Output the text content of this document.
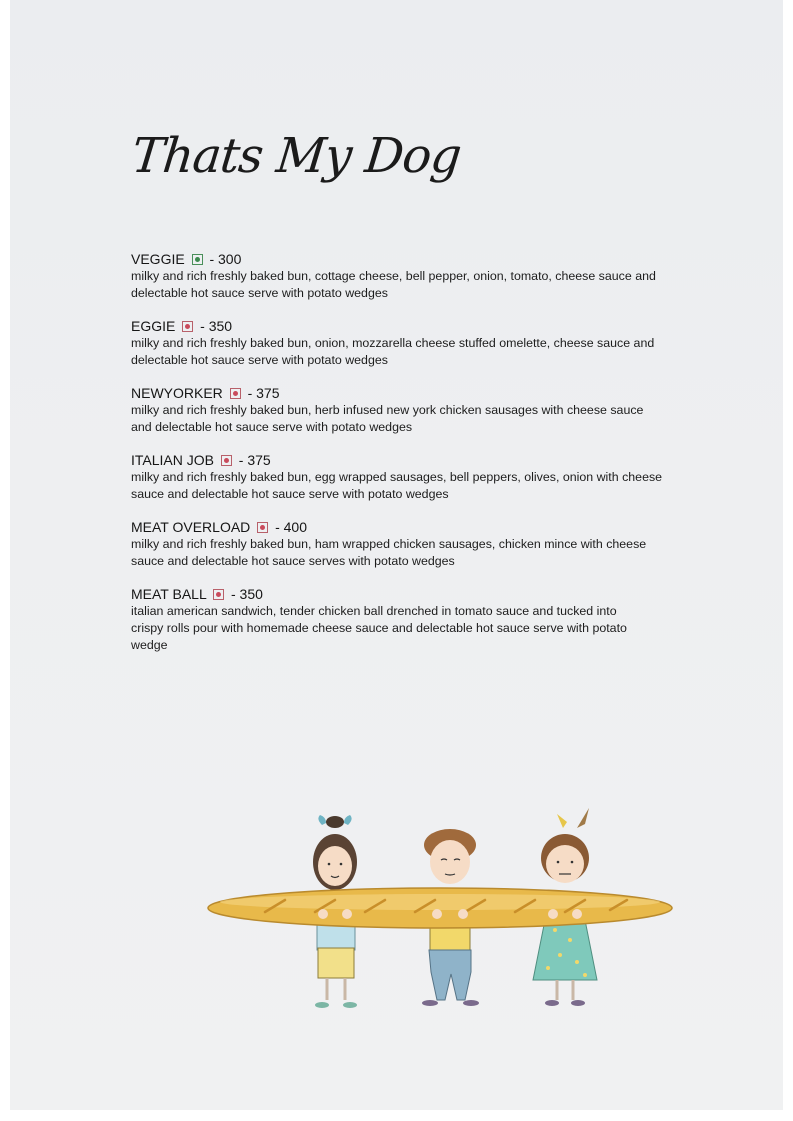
Thats My Dog
VEGGIE - 300
milky and rich freshly baked bun, cottage cheese, bell pepper, onion, tomato, cheese sauce and
delectable hot sauce serve with potato wedges
EGGIE - 350
milky and rich freshly baked bun, onion, mozzarella cheese stuffed omelette, cheese sauce and
delectable hot sauce serve with potato wedges
NEWYORKER - 375
milky and rich freshly baked bun, herb infused new york chicken sausages with cheese sauce
and delectable hot sauce serve with potato wedges
ITALIAN JOB - 375
milky and rich freshly baked bun, egg wrapped sausages, bell peppers, olives, onion with cheese
sauce and delectable hot sauce serve with potato wedges
MEAT OVERLOAD - 400
milky and rich freshly baked bun, ham wrapped chicken sausages, chicken mince with cheese
sauce and delectable hot sauce serves with potato wedges
MEAT BALL - 350
italian american sandwich, tender chicken ball drenched in tomato sauce and tucked into
crispy rolls pour with homemade cheese sauce and delectable hot sauce serve with potato
wedge
